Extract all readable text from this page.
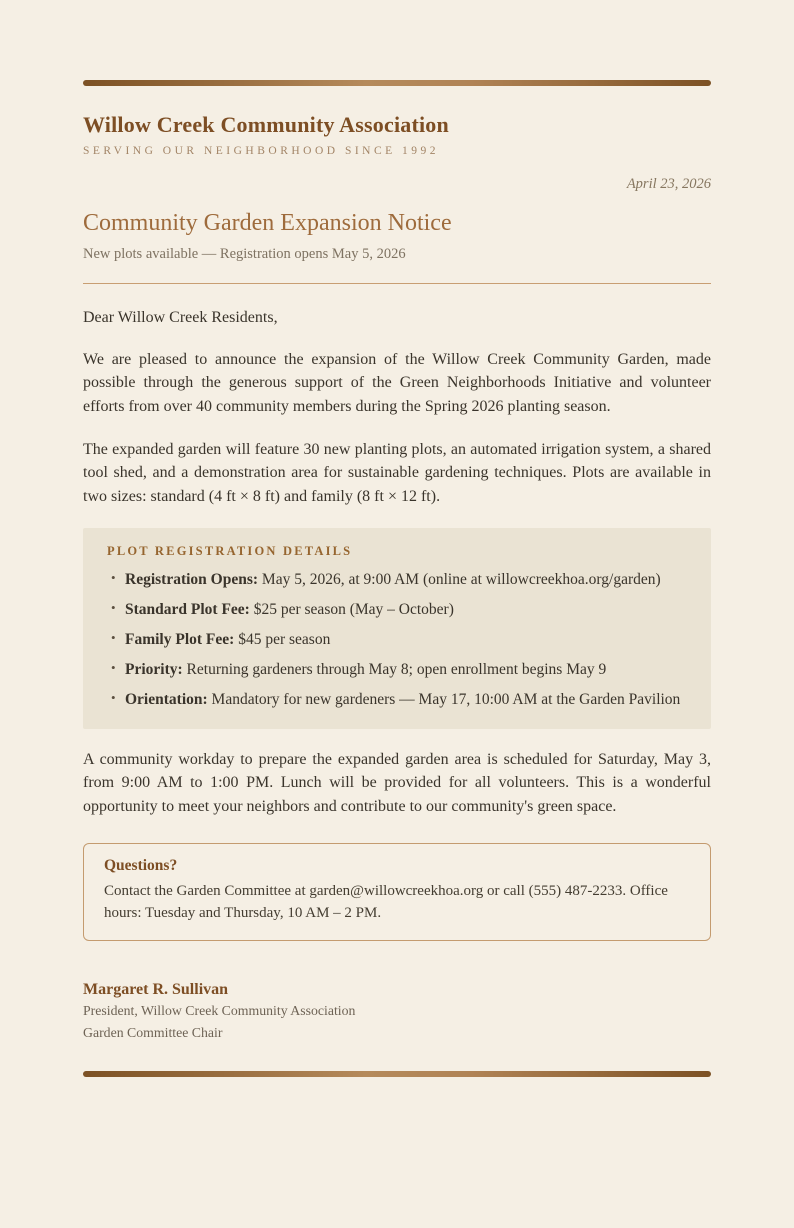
Willow Creek Community Association
SERVING OUR NEIGHBORHOOD SINCE 1992
April 23, 2026
Community Garden Expansion Notice
New plots available — Registration opens May 5, 2026

Dear Willow Creek Residents,

We are pleased to announce the expansion of the Willow Creek Community Garden, made possible through the generous support of the Green Neighborhoods Initiative and volunteer efforts from over 40 community members during the Spring 2026 planting season.

The expanded garden will feature 30 new planting plots, an automated irrigation system, a shared tool shed, and a demonstration area for sustainable gardening techniques. Plots are available in two sizes: standard (4 ft × 8 ft) and family (8 ft × 12 ft).

PLOT REGISTRATION DETAILS
• Registration Opens: May 5, 2026, at 9:00 AM (online at willowcreekhoa.org/garden)
• Standard Plot Fee: $25 per season (May – October)
• Family Plot Fee: $45 per season
• Priority: Returning gardeners through May 8; open enrollment begins May 9
• Orientation: Mandatory for new gardeners — May 17, 10:00 AM at the Garden Pavilion

A community workday to prepare the expanded garden area is scheduled for Saturday, May 3, from 9:00 AM to 1:00 PM. Lunch will be provided for all volunteers. This is a wonderful opportunity to meet your neighbors and contribute to our community's green space.

Questions?

Contact the Garden Committee at garden@willowcreekhoa.org or call (555) 487-2233. Office hours: Tuesday and Thursday, 10 AM – 2 PM.

Margaret R. Sullivan
President, Willow Creek Community Association
Garden Committee Chair
